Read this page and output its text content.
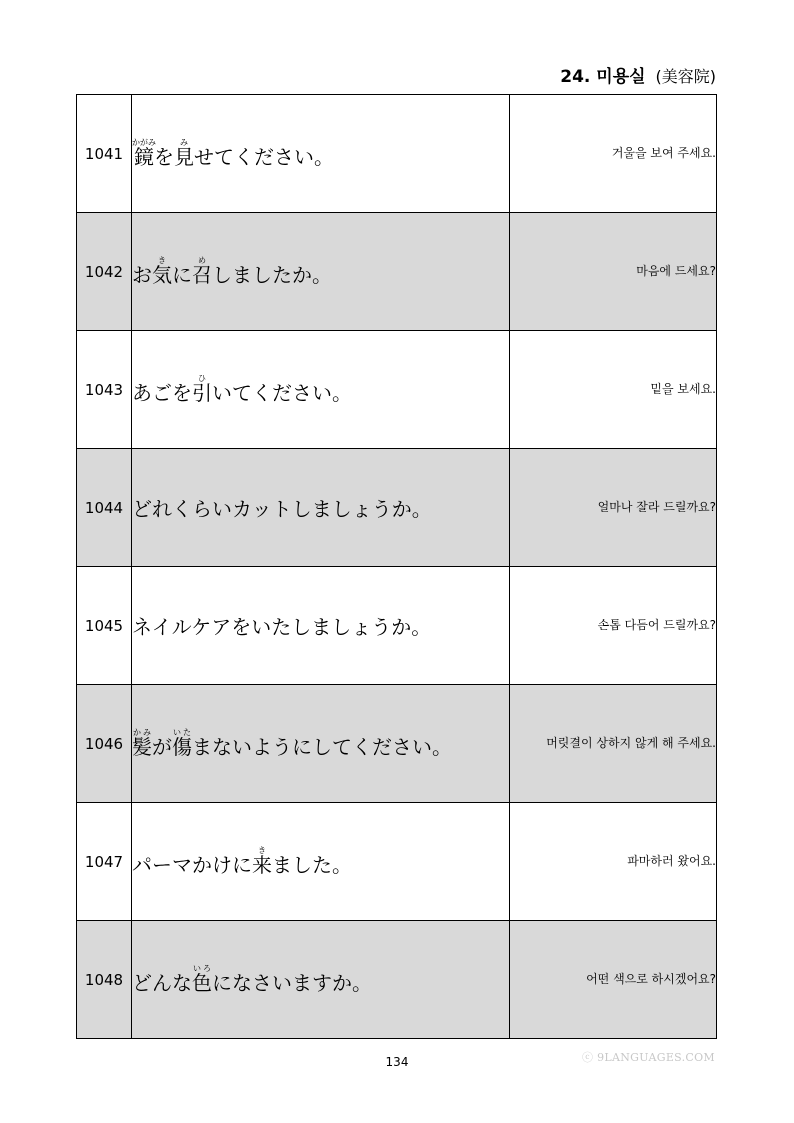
24. 미용실 (美容院)
1041	鏡かがみを見みせてください。	거울을 보여 주세요.
1042	お気きに召めしましたか。	마음에 드세요?
1043	あごを引ひいてください。	밑을 보세요.
1044	どれくらいカットしましょうか。	얼마나 잘라 드릴까요?
1045	ネイルケアをいたしましょうか。	손톱 다듬어 드릴까요?
1046	髪かみが傷いたまないようにしてください。	머릿결이 상하지 않게 해 주세요.
1047	パーマかけに来きました。	파마하러 왔어요.
1048	どんな色いろになさいますか。	어떤 색으로 하시겠어요?
134	ⓒ 9LANGUAGES.COM
